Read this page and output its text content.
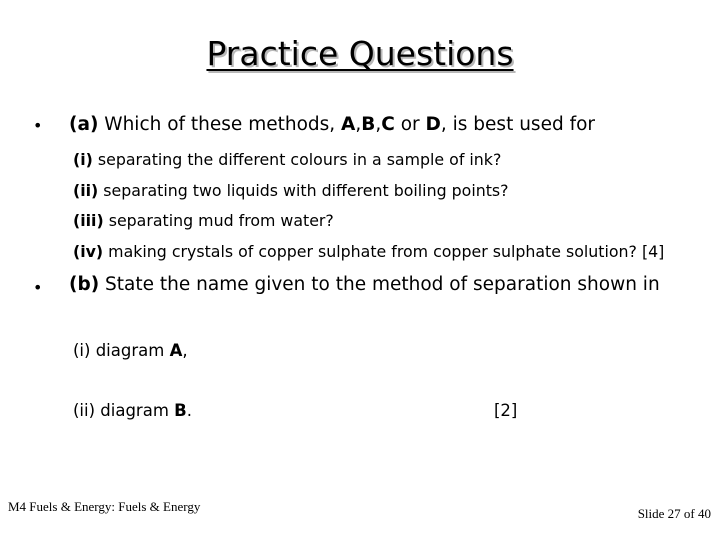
Practice Questions
• (a) Which of these methods, A,B,C or D, is best used for
(i) separating the different colours in a sample of ink?
(ii) separating two liquids with different boiling points?
(iii) separating mud from water?
(iv) making crystals of copper sulphate from copper sulphate solution? [4]
• (b) State the name given to the method of separation shown in
(i) diagram A,
(ii) diagram B.	[2]
M4 Fuels & Energy: Fuels & Energy	Slide 27 of 40
